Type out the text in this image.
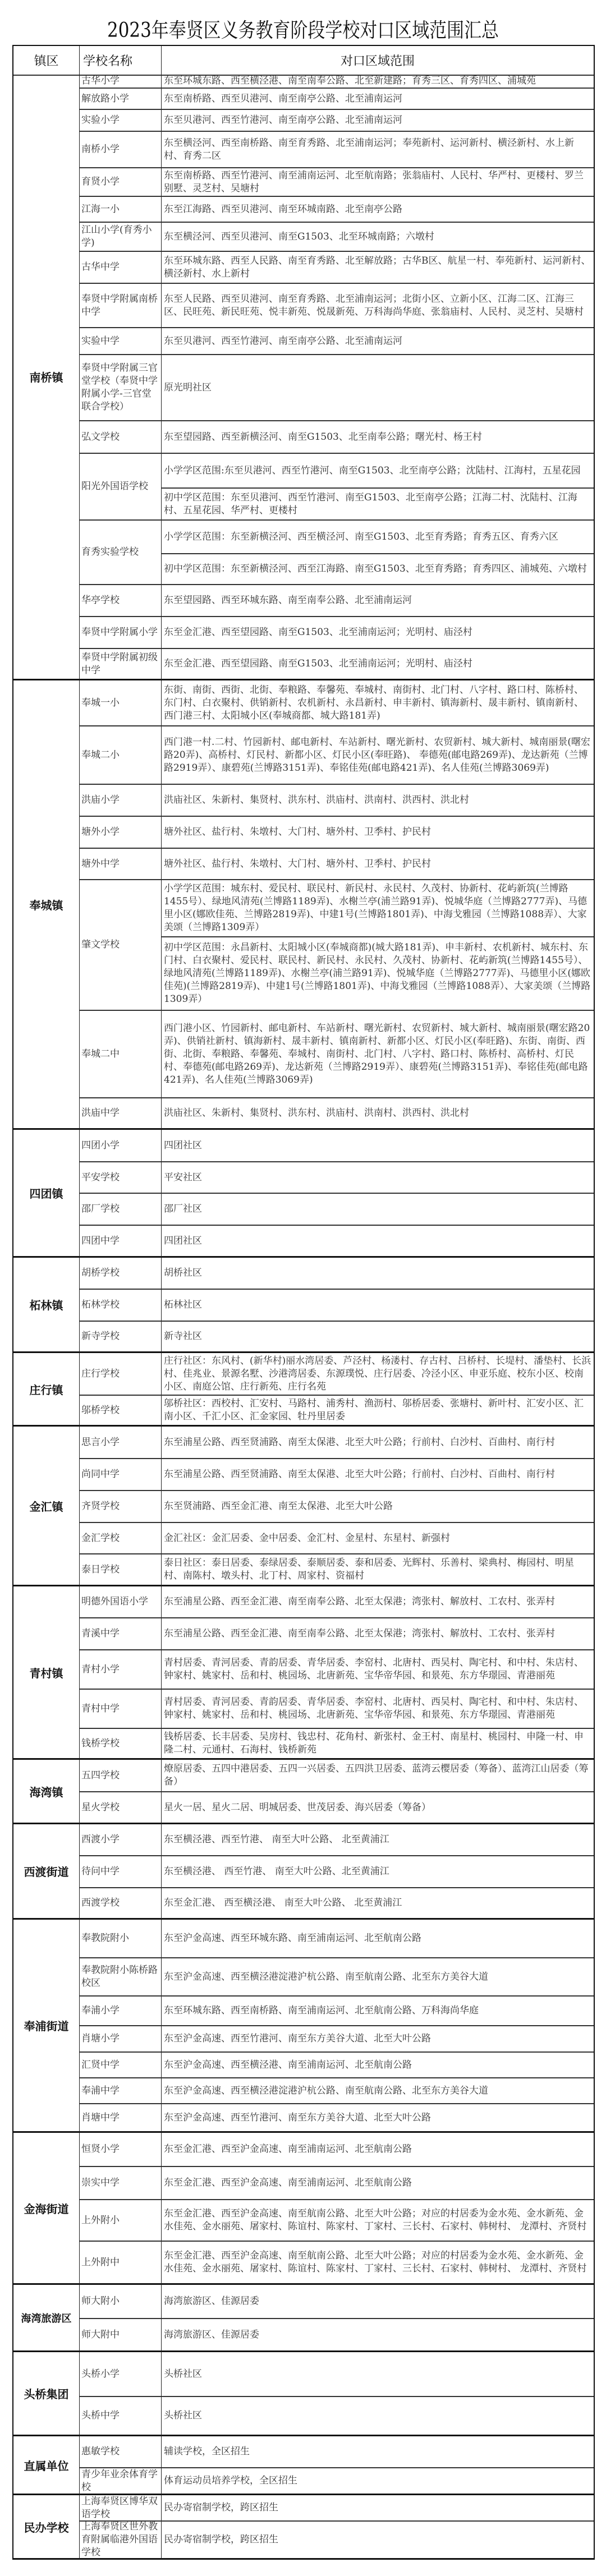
2023年奉贤区义务教育阶段学校对口区域范围汇总
镇区 学校名称	对口区域范围
东至环城东路、西至横泾港、南至南奉公路、北至新建路；育秀三区、育秀四区、浦城苑
古华小学
东至南桥路、西至贝港河、南至南亭公路、北至浦南运河
解放路小学
东至贝港河、西至竹港河、南至南亭公路、北至浦南运河
实验小学
东至横泾河、西至南桥路、南至育秀路、北至浦南运河；奉苑新村、运河新村、横泾新村、水上新村、育秀二区
南桥小学
东至南桥路、西至竹港河、南至浦南运河、北至航南路；张翁庙村、人民村、华严村、更楼村、罗兰别墅、灵芝村、吴塘村
育贤小学
东至江海路、西至贝港河、南至环城南路、北至南亭公路
江海一小
东至横泾河、西至贝港河、南至G1503、北至环城南路；六墩村
江山小学(育秀小学)
东至环城东路、西至人民路、南至育秀路、北至解放路；古华B区、航星一村、奉苑新村、运河新村、横泾新村、水上新村
古华中学
东至人民路、西至贝港河、南至育秀路、北至浦南运河；北街小区、立新小区、江海二区、江海三区、民旺苑、新民旺苑、悦丰新苑、悦晟新苑、万科海尚华庭、张翁庙村、人民村、灵芝村、吴塘村
奉贤中学附属南桥中学
东至贝港河、西至竹港河、南至南亭公路、北至浦南运河
实验中学
原光明社区
奉贤中学附属三官堂学校（奉贤中学附属小学-三官堂联合学校）
东至望园路、西至新横泾河、南至G1503、北至南奉公路；曙光村、杨王村
弘文学校
小学学区范围:东至贝港河、西至竹港河、南至G1503、北至南亭公路；沈陆村、江海村，五星花园
初中学区范围：东至贝港河、西至竹港河、南至G1503、北至南亭公路；江海二村、沈陆村、江海村、五星花园、华严村、更楼村
阳光外国语学校
小学学区范围：东至新横泾河、西至横泾河、南至G1503、北至育秀路；育秀五区、育秀六区
初中学区范围：东至新横泾河、西至江海路、南至G1503、北至育秀路；育秀四区、浦城苑、六墩村
育秀实验学校
东至望园路、西至环城东路、南至南奉公路、北至浦南运河
华亭学校
东至金汇港、西至望园路、南至G1503、北至浦南运河；光明村、庙泾村
奉贤中学附属小学
东至金汇港、西至望园路、南至G1503、北至浦南运河；光明村、庙泾村
奉贤中学附属初级中学
南桥镇
东街、南街、西街、北街、奉粮路、奉馨苑、奉城村、南街村、北门村、八字村、路口村、陈桥村、东门村、白衣聚村、供销新村、农机新村、永昌新村、申丰新村、镇海新村、晟丰新村、镇南新村、西门港三村、太阳城小区(奉城商都、城大路181弄)
奉城一小
西门港一村.二村、竹园新村、邮电新村、车站新村、曙光新村、农贸新村、城大新村、城南丽景(曙宏路20弄)、高桥村、灯民村、新都小区、灯民小区(奉旺路)、 奉德苑(邮电路269弄)、龙达新苑（兰博路2919弄）、康碧苑(兰博路3151弄)、奉铭佳苑(邮电路421弄)、名人佳苑(兰博路3069弄)
奉城二小
洪庙社区、朱新村、集贤村、洪东村、洪庙村、洪南村、洪西村、洪北村
洪庙小学
塘外社区、盐行村、朱墩村、大门村、塘外村、卫季村、护民村
塘外小学
塘外社区、盐行村、朱墩村、大门村、塘外村、卫季村、护民村
塘外中学
小学学区范围：城东村、爱民村、联民村、新民村、永民村、久茂村、协新村、花屿新筑(兰博路1455号）、绿地风清苑(兰博路1189弄)、水榭兰亭(浦兰路91弄)、悦城华庭（兰博路2777弄)、马德里小区(娜欧佳苑、兰博路2819弄)、中建1号(兰博路1801弄)、中海戈雅园（兰博路1088弄）、大家美颂（兰博路1309弄）
初中学区范围：永昌新村、太阳城小区(奉城商都)(城大路181弄)、申丰新村、农机新村、城东村、东门村、白衣聚村、爱民村、联民村、新民村、永民村、久茂村、协新村、花屿新筑(兰博路1455号）、绿地风清苑(兰博路1189弄)、水榭兰亭(浦兰路91弄)、悦城华庭（兰博路2777弄)、马德里小区(娜欧佳苑)(兰博路2819弄)、中建1号(兰博路1801弄)、中海戈雅园（兰博路1088弄）、大家美颂（兰博路1309弄）
肇文学校
西门港小区、竹园新村、邮电新村、车站新村、曙光新村、农贸新村、城大新村、城南丽景(曙宏路20弄)、供销社新村、镇海新村、晟丰新村、镇南新村、新都小区、灯民小区(奉旺路)、东街、南街、西街、北街、奉粮路、奉馨苑、奉城村、南街村、北门村、八字村、路口村、陈桥村、高桥村、灯民村、奉德苑(邮电路269弄)、龙达新苑（兰博路2919弄）、康碧苑(兰博路3151弄)、奉铭佳苑(邮电路421弄)、名人佳苑(兰博路3069弄)
奉城二中
洪庙社区、朱新村、集贤村、洪东村、洪庙村、洪南村、洪西村、洪北村
洪庙中学
奉城镇
四团社区
四团小学
平安社区
平安学校
邵厂社区
邵厂学校
四团社区
四团中学
四团镇
胡桥社区
胡桥学校
柘林社区
柘林学校
新寺社区
新寺学校
柘林镇
庄行社区：东风村、(新华村)丽水湾居委、芦泾村、杨溇村、存古村、吕桥村、长堤村、潘垫村、长浜村、佳兆业、景源名墅、沙港湾居委、东源璞悦、庄行居委、冷泾小区、申亚乐庭、校东小区、校南小区、南庭公馆、庄行新苑、庄行名苑
庄行学校
邬桥社区：西校村、汇安村、马路村、浦秀村、渔沥村、邬桥居委、张塘村、新叶村、汇安小区、汇南小区、千汇小区、汇金家园、牡丹里居委
邬桥学校
庄行镇
东至浦星公路、西至贤浦路、南至太保港、北至大叶公路；行前村、白沙村、百曲村、南行村
思言小学
东至浦星公路、西至贤浦路、南至太保港、北至大叶公路；行前村、白沙村、百曲村、南行村
尚同中学
东至贤浦路、西至金汇港、南至太保港、北至大叶公路
齐贤学校
金汇社区：金汇居委、金中居委、金汇村、金星村、东星村、新强村
金汇学校
泰日社区：泰日居委、泰绿居委、泰顺居委、泰和居委、光辉村、乐善村、梁典村、梅园村、明星村、南陈村、墩头村、北丁村、周家村、资福村
泰日学校
金汇镇
东至浦星公路、西至金汇港、南至南奉公路、北至太保港；湾张村、解放村、工农村、张弄村
明德外国语小学
东至浦星公路、西至金汇港、南至南奉公路、北至太保港；湾张村、解放村、工农村、张弄村
青溪中学
青村居委、青河居委、青韵居委、青华居委、李窑村、北唐村、西吴村、陶宅村、和中村、朱店村、钟家村、姚家村、岳和村、桃园场、北唐新苑、宝华帝华园、和景苑、东方华璟园、青港丽苑
青村小学
青村居委、青河居委、青韵居委、青华居委、李窑村、北唐村、西吴村、陶宅村、和中村、朱店村、钟家村、姚家村、岳和村、桃园场、北唐新苑、宝华帝华园、和景苑、东方华璟园、青港丽苑
青村中学
钱桥居委、长丰居委、吴房村、钱忠村、花角村、新张村、金王村、南星村、桃园村、申隆一村、申隆二村、元通村、石海村、钱桥新苑
钱桥学校
青村镇
燎原居委、五四中港居委、五四一兴居委、五四洪卫居委、蓝湾云樱居委（筹备）、蓝湾江山居委（筹备）
五四学校
星火一居、星火二居、明城居委、世茂居委、海兴居委（筹备）
星火学校
海湾镇
东至横泾港、西至竹港、 南至大叶公路、 北至黄浦江
西渡小学
东至横泾港、 西至竹港、 南至大叶公路、北至黄浦江
待问中学
东至金汇港、 西至横泾港、 南至大叶公路、 北至黄浦江
西渡学校
西渡街道
东至沪金高速、西至环城东路、南至浦南运河、北至航南公路
奉教院附小
东至沪金高速、西至横泾港淀港沪杭公路、南至航南公路、北至东方美谷大道
奉教院附小陈桥路校区
东至环城东路、西至南桥路、南至浦南运河、北至航南公路、万科海尚华庭
奉浦小学
东至沪金高速、西至竹港河、南至东方美谷大道、北至大叶公路
肖塘小学
东至沪金高速、西至横泾港、南至浦南运河、北至航南公路
汇贤中学
东至沪金高速、西至横泾港淀港沪杭公路、南至航南公路、北至东方美谷大道
奉浦中学
东至沪金高速、西至竹港河、南至东方美谷大道、北至大叶公路
肖塘中学
奉浦街道
东至金汇港、西至沪金高速、南至浦南运河、北至航南公路
恒贤小学
东至金汇港、西至沪金高速、南至浦南运河、北至航南公路
崇实中学
东至金汇港、西至沪金高速、南至航南公路、北至大叶公路；对应的村居委为金水苑、金水新苑、金水佳苑、金水丽苑、屠家村、陈谊村、陈家村、丁家村、三长村、石家村、韩树村、 龙潭村、齐贤村
上外附小
东至金汇港、西至沪金高速、南至航南公路、北至大叶公路；对应的村居委为金水苑、金水新苑、金水佳苑、金水丽苑、屠家村、陈谊村、陈家村、丁家村、三长村、石家村、韩树村、 龙潭村、齐贤村
上外附中
金海街道
海湾旅游区、佳源居委
师大附小
海湾旅游区、佳源居委
师大附中
海湾旅游区
头桥社区
头桥小学
头桥社区
头桥中学
头桥集团
辅读学校，全区招生
惠敏学校
体育运动员培养学校，全区招生
青少年业余体育学校
直属单位
民办寄宿制学校，跨区招生
上海奉贤区博华双语学校
民办寄宿制学校，跨区招生
上海奉贤区世外教育附属临港外国语学校
民办学校
